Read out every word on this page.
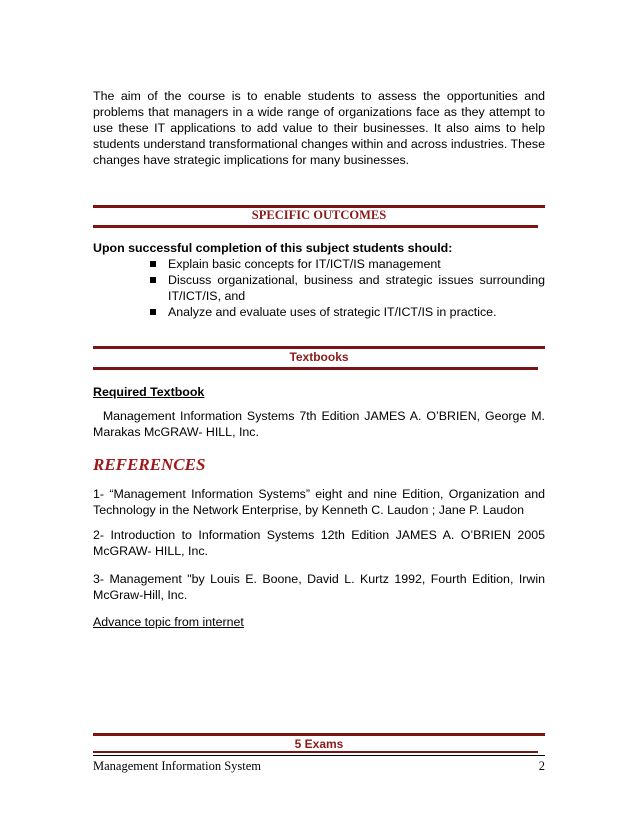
The aim of the course is to enable students to assess the opportunities and problems that managers in a wide range of organizations face as they attempt to use these IT applications to add value to their businesses. It also aims to help students understand transformational changes within and across industries. These changes have strategic implications for many businesses.

SPECIFIC OUTCOMES

Upon successful completion of this subject students should:

Explain basic concepts for IT/ICT/IS management
Discuss organizational, business and strategic issues surrounding IT/ICT/IS, and
Analyze and evaluate uses of strategic IT/ICT/IS in practice.
Textbooks

Required Textbook

Management Information Systems 7th Edition JAMES A. O’BRIEN, George M. Marakas McGRAW- HILL, Inc.

REFERENCES

1- “Management Information Systems” eight and nine Edition, Organization and Technology in the Network Enterprise, by Kenneth C. Laudon ; Jane P. Laudon

2- Introduction to Information Systems 12th Edition JAMES A. O’BRIEN 2005 McGRAW- HILL, Inc.

3- Management "by Louis E. Boone, David L. Kurtz 1992, Fourth Edition, Irwin McGraw-Hill, Inc.

Advance topic from internet

5 Exams
Management Information System	2
